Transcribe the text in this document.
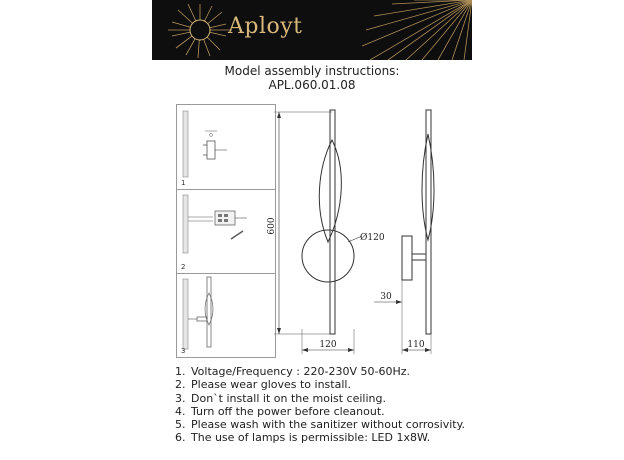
Aployt
Model assembly instructions:
APL.060.01.08
1
2
3
600
Ø120
120
30
110
1. Voltage/Frequency : 220-230V 50-60Hz.
2. Please wear gloves to install.
3. Don`t install it on the moist ceiling.
4. Turn off the power before cleanout.
5. Please wash with the sanitizer without corrosivity.
6. The use of lamps is permissible: LED 1x8W.
